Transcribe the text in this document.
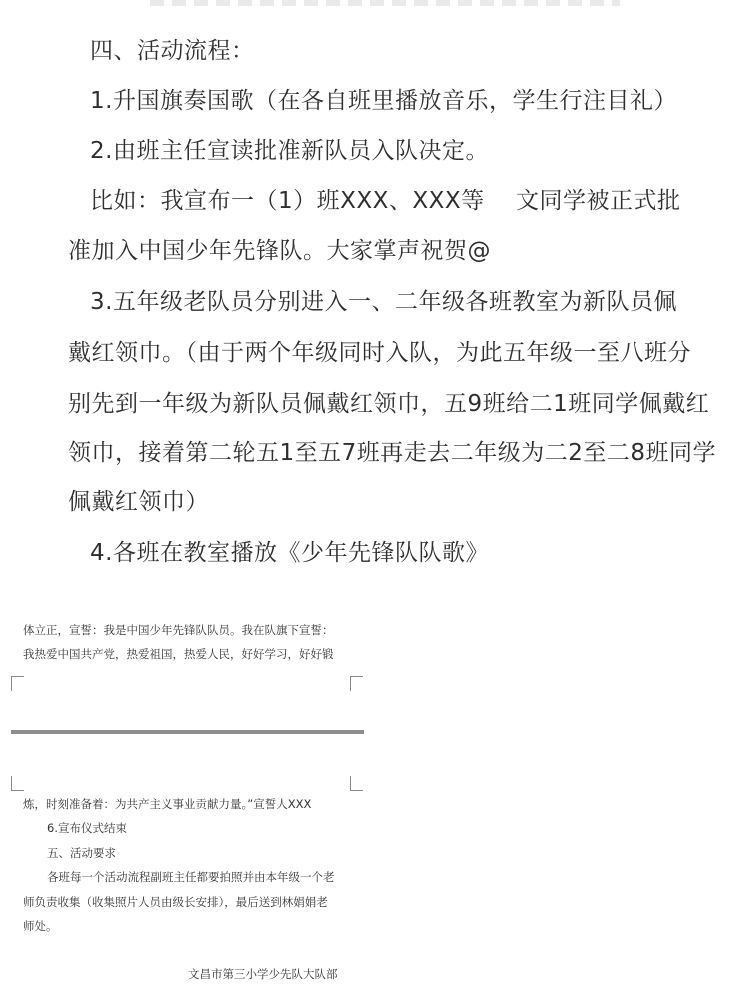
四、活动流程：
1.升国旗奏国歌（在各自班里播放音乐，学生行注目礼）
2.由班主任宣读批准新队员入队决定。
比如：我宣布一（1）班XXX、XXX等　 文同学被正式批
准加入中国少年先锋队。大家掌声祝贺@
3.五年级老队员分别进入一、二年级各班教室为新队员佩
戴红领巾。（由于两个年级同时入队，为此五年级一至八班分
别先到一年级为新队员佩戴红领巾，五9班给二1班同学佩戴红
领巾，接着第二轮五1至五7班再走去二年级为二2至二8班同学
佩戴红领巾）
4.各班在教室播放《少年先锋队队歌》
体立正，宣誓：我是中国少年先锋队队员。我在队旗下宣誓：
我热爱中国共产党，热爱祖国，热爱人民，好好学习，好好锻
炼，时刻准备着：为共产主义事业贡献力量。”宣誓人XXX
6.宣布仪式结束
五、活动要求
各班每一个活动流程副班主任都要拍照并由本年级一个老
师负责收集（收集照片人员由级长安排），最后送到林娟娟老
师处。
文昌市第三小学少先队大队部
